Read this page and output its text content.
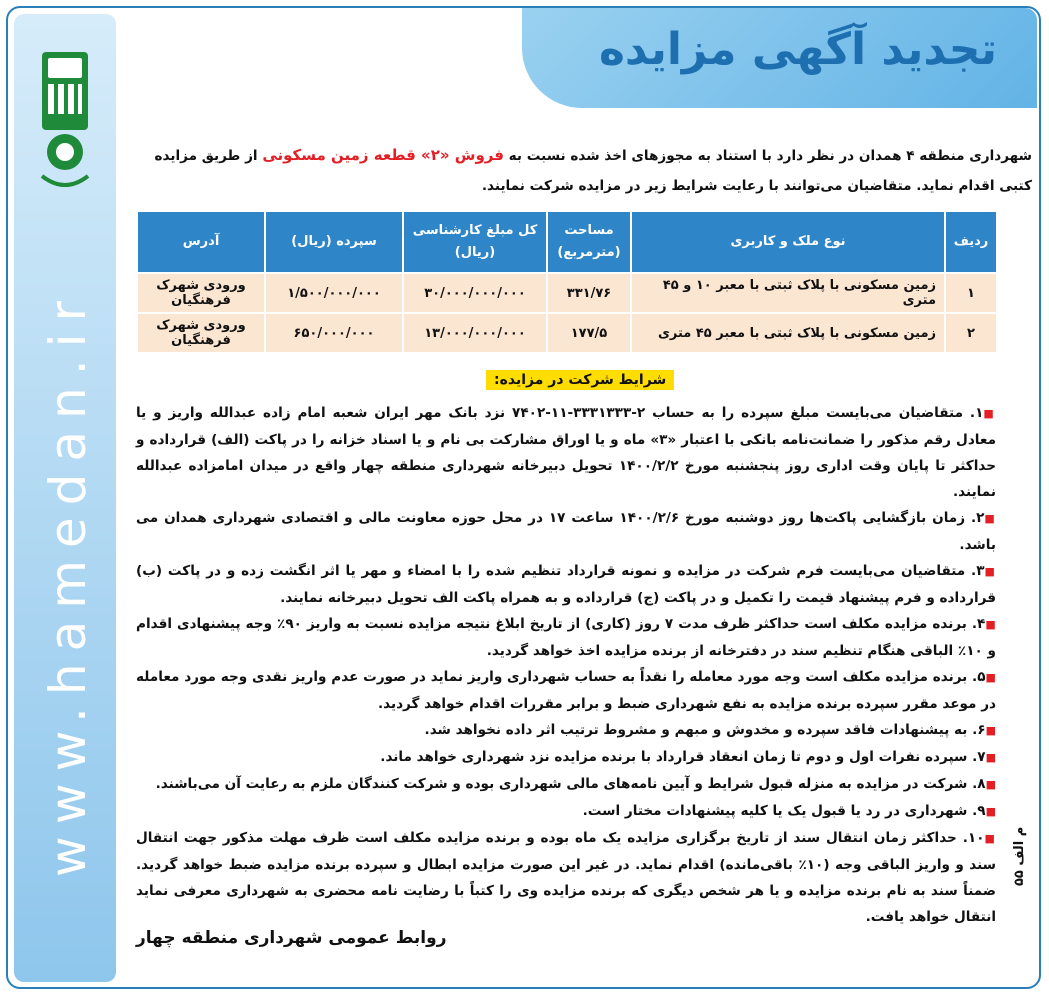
www.hamedan.ir
تجدید آگهی مزایده
شهرداری منطقه ۴ همدان در نظر دارد با استناد به مجوزهای اخذ شده نسبت به فروش «۲» قطعه زمین مسکونی از طریق مزایده کتبی اقدام نماید. متقاضیان می‌توانند با رعایت شرایط زیر در مزایده شرکت نمایند.
ردیف	نوع ملک و کاربری	مساحت (مترمربع)	کل مبلغ کارشناسی (ریال)	سپرده (ریال)	آدرس
۱	زمین مسکونی با پلاک ثبتی با معبر ۱۰ و ۴۵ متری	۳۳۱/۷۶	۳۰/۰۰۰/۰۰۰/۰۰۰	۱/۵۰۰/۰۰۰/۰۰۰	ورودی شهرک فرهنگیان
۲	زمین مسکونی با پلاک ثبتی با معبر ۴۵ متری	۱۷۷/۵	۱۳/۰۰۰/۰۰۰/۰۰۰	۶۵۰/۰۰۰/۰۰۰	ورودی شهرک فرهنگیان
شرایط شرکت در مزایده:

■۱. متقاضیان می‌بایست مبلغ سپرده را به حساب ۲-۳۳۳۱۳۳۳-۱۱-۷۴۰۲ نزد بانک مهر ایران شعبه امام زاده عبدالله واریز و یا معادل رقم مذکور را ضمانت‌نامه بانکی با اعتبار «۳» ماه و یا اوراق مشارکت بی نام و یا اسناد خزانه را در پاکت (الف) قرارداده و حداکثر تا پایان وقت اداری روز پنجشنبه مورخ ۱۴۰۰/۲/۲ تحویل دبیرخانه شهرداری منطقه چهار واقع در میدان امامزاده عبدالله نمایند.

■۲. زمان بازگشایی پاکت‌ها روز دوشنبه مورخ ۱۴۰۰/۲/۶ ساعت ۱۷ در محل حوزه معاونت مالی و اقتصادی شهرداری همدان می باشد.

■۳. متقاضیان می‌بایست فرم شرکت در مزایده و نمونه قرارداد تنظیم شده را با امضاء و مهر یا اثر انگشت زده و در پاکت (ب) قرارداده و فرم پیشنهاد قیمت را تکمیل و در پاکت (ج) قرارداده و به همراه پاکت الف تحویل دبیرخانه نمایند.

■۴. برنده مزایده مکلف است حداکثر ظرف مدت ۷ روز (کاری) از تاریخ ابلاغ نتیجه مزایده نسبت به واریز ۹۰٪ وجه پیشنهادی اقدام و ۱۰٪ الباقی هنگام تنظیم سند در دفترخانه از برنده مزایده اخذ خواهد گردید.

■۵. برنده مزایده مکلف است وجه مورد معامله را نقداً به حساب شهرداری واریز نماید در صورت عدم واریز نقدی وجه مورد معامله در موعد مقرر سپرده برنده مزایده به نفع شهرداری ضبط و برابر مقررات اقدام خواهد گردید.

■۶. به پیشنهادات فاقد سپرده و مخدوش و مبهم و مشروط ترتیب اثر داده نخواهد شد.

■۷. سپرده نفرات اول و دوم تا زمان انعقاد قرارداد با برنده مزایده نزد شهرداری خواهد ماند.

■۸. شرکت در مزایده به منزله قبول شرایط و آیین نامه‌های مالی شهرداری بوده و شرکت کنندگان ملزم به رعایت آن می‌باشند.

■۹. شهرداری در رد یا قبول یک یا کلیه پیشنهادات مختار است.

■۱۰. حداکثر زمان انتقال سند از تاریخ برگزاری مزایده یک ماه بوده و برنده مزایده مکلف است ظرف مهلت مذکور جهت انتقال سند و واریز الباقی وجه (۱۰٪ باقی‌مانده) اقدام نماید. در غیر این صورت مزایده ابطال و سپرده برنده مزایده ضبط خواهد گردید. ضمناً سند به نام برنده مزایده و یا هر شخص دیگری که برنده مزایده وی را کتباً با رضایت نامه محضری به شهرداری معرفی نماید انتقال خواهد یافت.

روابط عمومی شهرداری منطقه چهار
م الف ۵۵
